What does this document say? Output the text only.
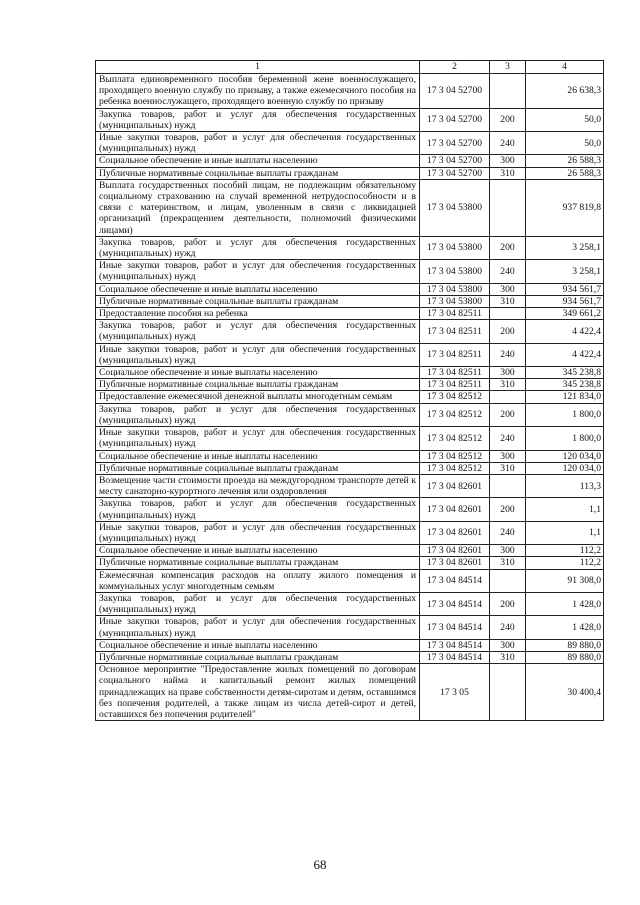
1	2	3	4
Выплата единовременного пособия беременной жене военнослужащего, проходящего военную службу по призыву, а также ежемесячного пособия на ребенка военнослужащего, проходящего военную службу по призыву	17 3 04 52700		26 638,3
Закупка товаров, работ и услуг для обеспечения государственных (муниципальных) нужд	17 3 04 52700	200	50,0
Иные закупки товаров, работ и услуг для обеспечения государственных (муниципальных) нужд	17 3 04 52700	240	50,0
Социальное обеспечение и иные выплаты населению	17 3 04 52700	300	26 588,3
Публичные нормативные социальные выплаты гражданам	17 3 04 52700	310	26 588,3
Выплата государственных пособий лицам, не подлежащим обязательному социальному страхованию на случай временной нетрудоспособности и в связи с материнством, и лицам, уволенным в связи с ликвидацией организаций (прекращением деятельности, полномочий физическими лицами)	17 3 04 53800		937 819,8
Закупка товаров, работ и услуг для обеспечения государственных (муниципальных) нужд	17 3 04 53800	200	3 258,1
Иные закупки товаров, работ и услуг для обеспечения государственных (муниципальных) нужд	17 3 04 53800	240	3 258,1
Социальное обеспечение и иные выплаты населению	17 3 04 53800	300	934 561,7
Публичные нормативные социальные выплаты гражданам	17 3 04 53800	310	934 561,7
Предоставление пособия на ребенка	17 3 04 82511		349 661,2
Закупка товаров, работ и услуг для обеспечения государственных (муниципальных) нужд	17 3 04 82511	200	4 422,4
Иные закупки товаров, работ и услуг для обеспечения государственных (муниципальных) нужд	17 3 04 82511	240	4 422,4
Социальное обеспечение и иные выплаты населению	17 3 04 82511	300	345 238,8
Публичные нормативные социальные выплаты гражданам	17 3 04 82511	310	345 238,8
Предоставление ежемесячной денежной выплаты многодетным семьям	17 3 04 82512		121 834,0
Закупка товаров, работ и услуг для обеспечения государственных (муниципальных) нужд	17 3 04 82512	200	1 800,0
Иные закупки товаров, работ и услуг для обеспечения государственных (муниципальных) нужд	17 3 04 82512	240	1 800,0
Социальное обеспечение и иные выплаты населению	17 3 04 82512	300	120 034,0
Публичные нормативные социальные выплаты гражданам	17 3 04 82512	310	120 034,0
Возмещение части стоимости проезда на междугородном транспорте детей к месту санаторно-курортного лечения или оздоровления	17 3 04 82601		113,3
Закупка товаров, работ и услуг для обеспечения государственных (муниципальных) нужд	17 3 04 82601	200	1,1
Иные закупки товаров, работ и услуг для обеспечения государственных (муниципальных) нужд	17 3 04 82601	240	1,1
Социальное обеспечение и иные выплаты населению	17 3 04 82601	300	112,2
Публичные нормативные социальные выплаты гражданам	17 3 04 82601	310	112,2
Ежемесячная компенсация расходов на оплату жилого помещения и коммунальных услуг многодетным семьям	17 3 04 84514		91 308,0
Закупка товаров, работ и услуг для обеспечения государственных (муниципальных) нужд	17 3 04 84514	200	1 428,0
Иные закупки товаров, работ и услуг для обеспечения государственных (муниципальных) нужд	17 3 04 84514	240	1 428,0
Социальное обеспечение и иные выплаты населению	17 3 04 84514	300	89 880,0
Публичные нормативные социальные выплаты гражданам	17 3 04 84514	310	89 880,0
Основное мероприятие "Предоставление жилых помещений по договорам социального найма и капитальный ремонт жилых помещений принадлежащих на праве собственности детям-сиротам и детям, оставшимся без попечения родителей, а также лицам из числа детей-сирот и детей, оставшихся без попечения родителей"	17 3 05		30 400,4
68
